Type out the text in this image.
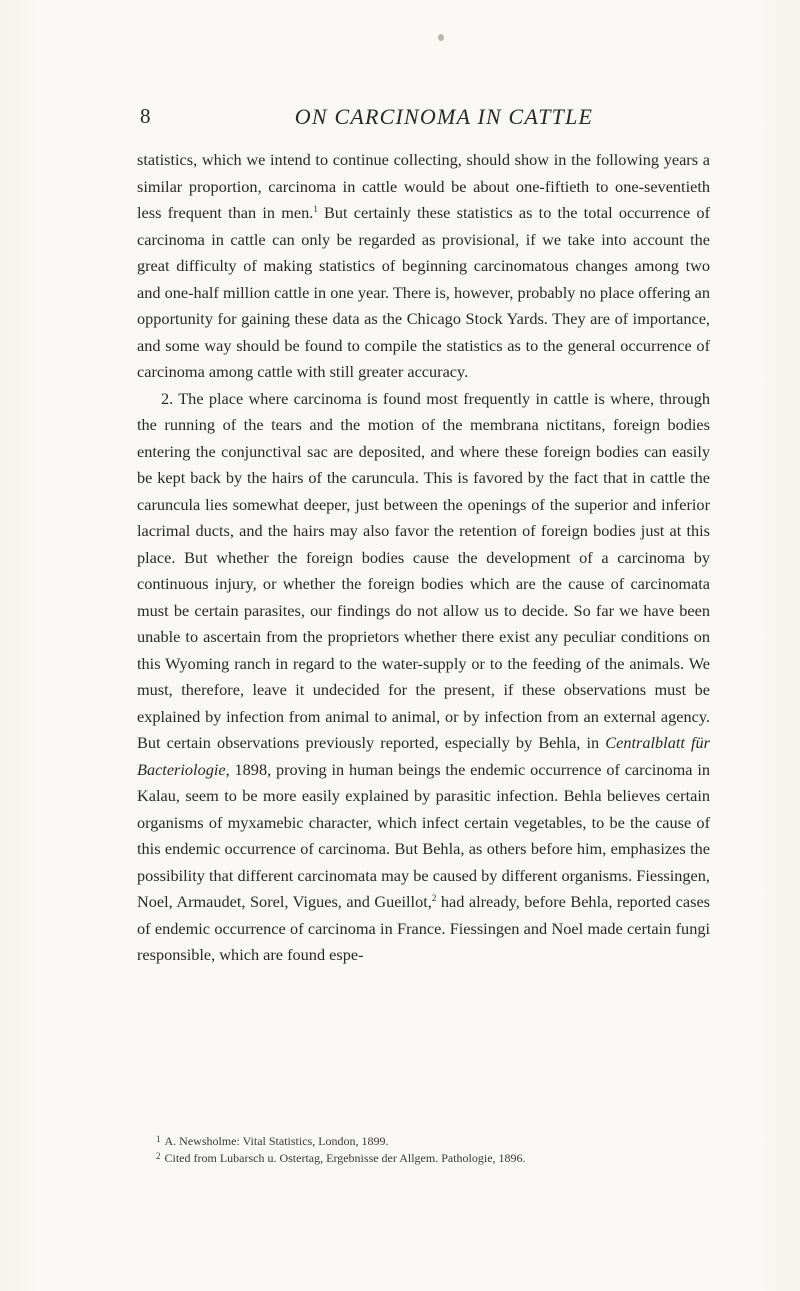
8	ON CARCINOMA IN CATTLE

statistics, which we intend to continue collecting, should show in the following years a similar proportion, carcinoma in cattle would be about one-fiftieth to one-seventieth less frequent than in men.$^1$ But certainly these statistics as to the total occurrence of carcinoma in cattle can only be regarded as provisional, if we take into account the great difficulty of making statistics of beginning carcinomatous changes among two and one-half million cattle in one year. There is, however, probably no place offering an opportunity for gaining these data as the Chicago Stock Yards. They are of importance, and some way should be found to compile the statistics as to the general occurrence of carcinoma among cattle with still greater accuracy.

2. The place where carcinoma is found most frequently in cattle is where, through the running of the tears and the motion of the membrana nictitans, foreign bodies entering the conjunctival sac are deposited, and where these foreign bodies can easily be kept back by the hairs of the caruncula. This is favored by the fact that in cattle the caruncula lies somewhat deeper, just between the openings of the superior and inferior lacrimal ducts, and the hairs may also favor the retention of foreign bodies just at this place. But whether the foreign bodies cause the development of a carcinoma by continuous injury, or whether the foreign bodies which are the cause of carcinomata must be certain parasites, our findings do not allow us to decide. So far we have been unable to ascertain from the proprietors whether there exist any peculiar conditions on this Wyoming ranch in regard to the water-supply or to the feeding of the animals. We must, therefore, leave it undecided for the present, if these observations must be explained by infection from animal to animal, or by infection from an external agency. But certain observations previously reported, especially by Behla, in Centralblatt für Bacteriologie, 1898, proving in human beings the endemic occurrence of carcinoma in Kalau, seem to be more easily explained by parasitic infection. Behla believes certain organisms of myxamebic character, which infect certain vegetables, to be the cause of this endemic occurrence of carcinoma. But Behla, as others before him, emphasizes the possibility that different carcinomata may be caused by different organisms. Fiessingen, Noel, Armaudet, Sorel, Vigues, and Gueillot,$^2$ had already, before Behla, reported cases of endemic occurrence of carcinoma in France. Fiessingen and Noel made certain fungi responsible, which are found espe-

$^1$ A. Newsholme: Vital Statistics, London, 1899.

$^2$ Cited from Lubarsch u. Ostertag, Ergebnisse der Allgem. Pathologie, 1896.
